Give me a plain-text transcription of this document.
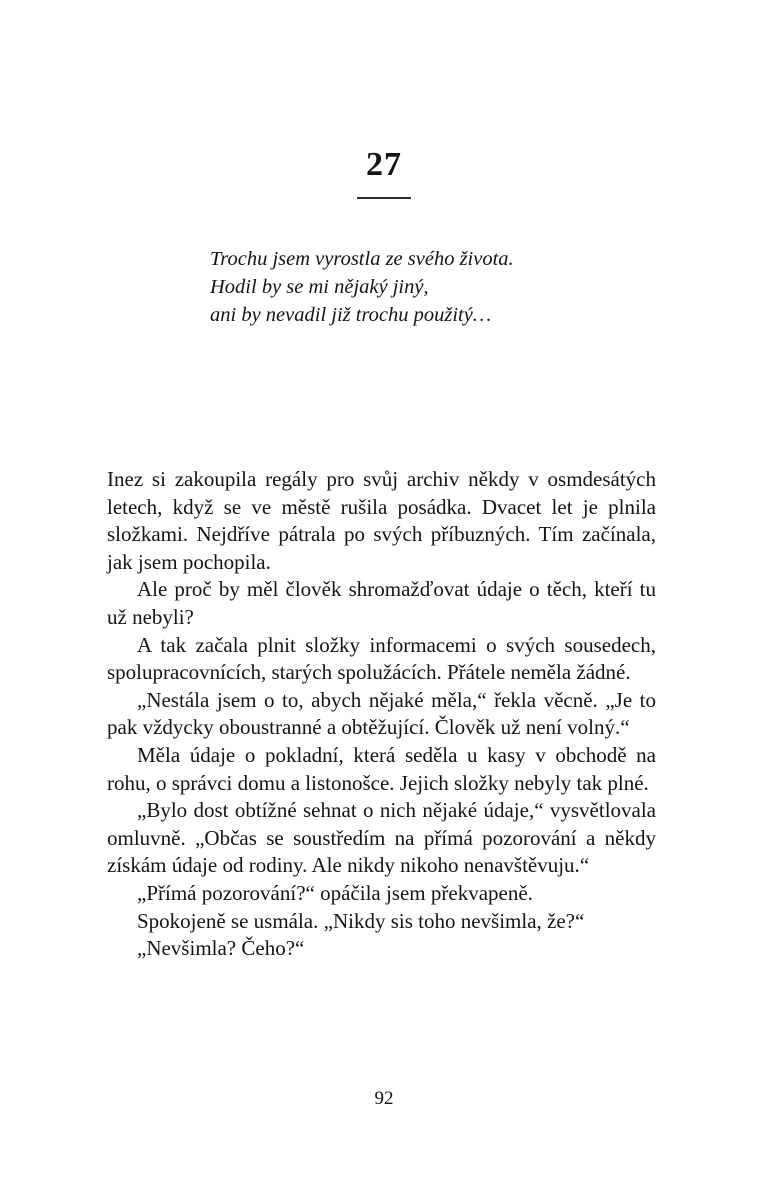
27
Trochu jsem vyrostla ze svého života.
Hodil by se mi nějaký jiný,
ani by nevadil již trochu použitý…

Inez si zakoupila regály pro svůj archiv někdy v osmdesátých letech, když se ve městě rušila posádka. Dvacet let je plnila složkami. Nejdříve pátrala po svých příbuzných. Tím začínala, jak jsem pochopila.

Ale proč by měl člověk shromažďovat údaje o těch, kteří tu už nebyli?

A tak začala plnit složky informacemi o svých sousedech, spolupracovnících, starých spolužácích. Přátele neměla žádné.

„Nestála jsem o to, abych nějaké měla,“ řekla věcně. „Je to pak vždycky oboustranné a obtěžující. Člověk už není volný.“

Měla údaje o pokladní, která seděla u kasy v obchodě na rohu, o správci domu a listonošce. Jejich složky nebyly tak plné.

„Bylo dost obtížné sehnat o nich nějaké údaje,“ vysvětlovala omluvně. „Občas se soustředím na přímá pozorování a někdy získám údaje od rodiny. Ale nikdy nikoho nenavštěvuju.“

„Přímá pozorování?“ opáčila jsem překvapeně.

Spokojeně se usmála. „Nikdy sis toho nevšimla, že?“

„Nevšimla? Čeho?“

92
